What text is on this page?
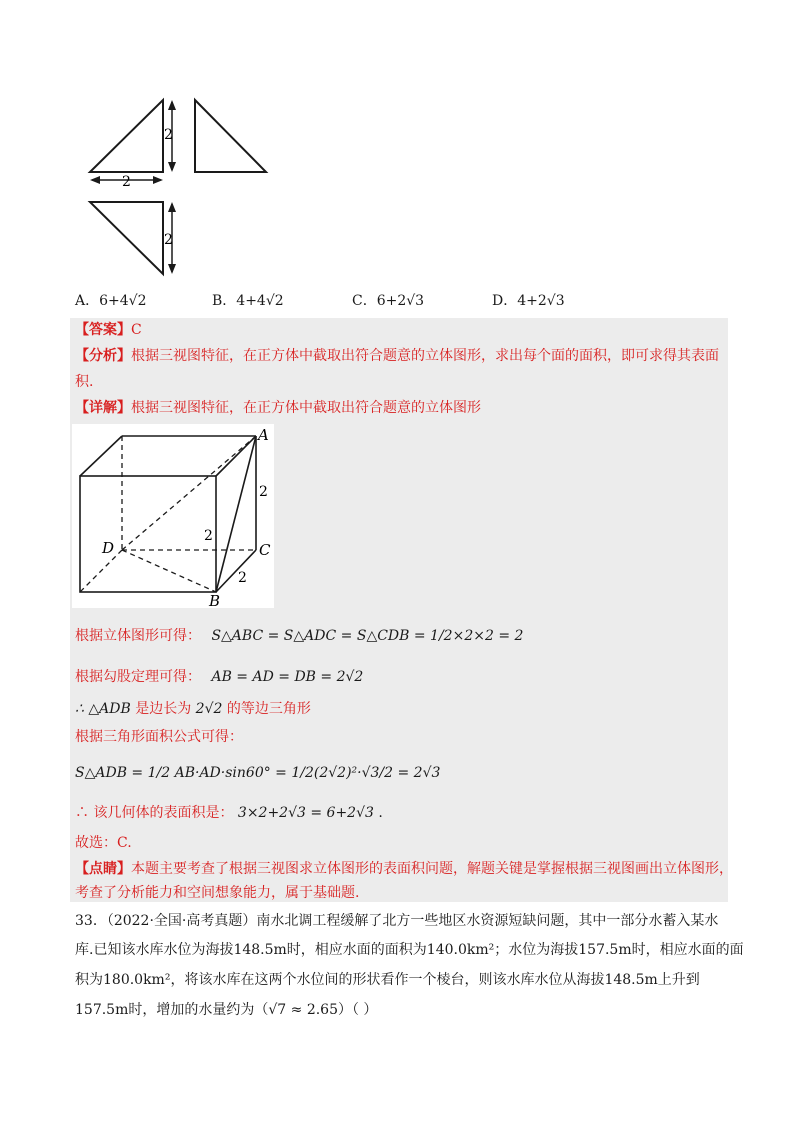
2
2
2
A．6+4√2	B．4+4√2	C．6+2√3	D．4+2√3
【答案】C
【分析】根据三视图特征，在正方体中截取出符合题意的立体图形，求出每个面的面积，即可求得其表面
积.
【详解】根据三视图特征，在正方体中截取出符合题意的立体图形
A
B
C
D
2
2
2
根据立体图形可得： S△ABC = S△ADC = S△CDB = 1/2×2×2 = 2
根据勾股定理可得： AB = AD = DB = 2√2
∴ △ADB 是边长为 2√2 的等边三角形
根据三角形面积公式可得：
S△ADB = 1/2 AB·AD·sin60° = 1/2(2√2)²·√3/2 = 2√3
∴ 该几何体的表面积是： 3×2+2√3 = 6+2√3 .
故选：C.
【点睛】本题主要考查了根据三视图求立体图形的表面积问题，解题关键是掌握根据三视图画出立体图形，
考查了分析能力和空间想象能力，属于基础题.
33．（2022·全国·高考真题）南水北调工程缓解了北方一些地区水资源短缺问题，其中一部分水蓄入某水
库.已知该水库水位为海拔148.5m时，相应水面的面积为140.0km²；水位为海拔157.5m时，相应水面的面
积为180.0km²，将该水库在这两个水位间的形状看作一个棱台，则该水库水位从海拔148.5m上升到
157.5m时，增加的水量约为（√7 ≈ 2.65）（ ）
